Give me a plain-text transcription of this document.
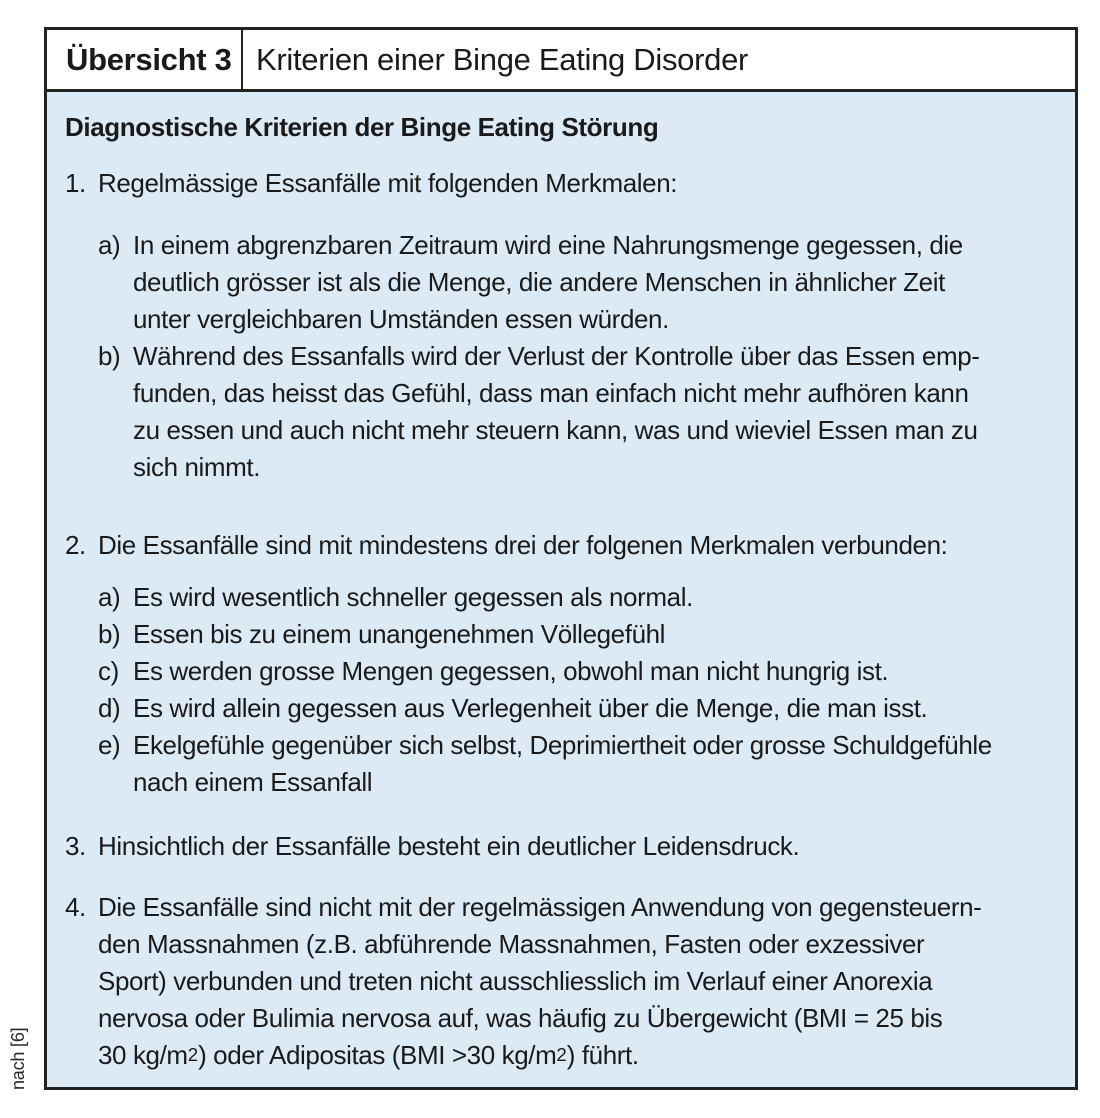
nach [6]
Übersicht 3 Kriterien einer Binge Eating Disorder
Diagnostische Kriterien der Binge Eating Störung
1. Regelmässige Essanfälle mit folgenden Merkmalen:
a) In einem abgrenzbaren Zeitraum wird eine Nahrungsmenge gegessen, die
deutlich grösser ist als die Menge, die andere Menschen in ähnlicher Zeit
unter vergleichbaren Umständen essen würden.
b) Während des Essanfalls wird der Verlust der Kontrolle über das Essen emp-
funden, das heisst das Gefühl, dass man einfach nicht mehr aufhören kann
zu essen und auch nicht mehr steuern kann, was und wieviel Essen man zu
sich nimmt.
2. Die Essanfälle sind mit mindestens drei der folgenen Merkmalen verbunden:
a) Es wird wesentlich schneller gegessen als normal.
b) Essen bis zu einem unangenehmen Völlegefühl
c) Es werden grosse Mengen gegessen, obwohl man nicht hungrig ist.
d) Es wird allein gegessen aus Verlegenheit über die Menge, die man isst.
e) Ekelgefühle gegenüber sich selbst, Deprimiertheit oder grosse Schuldgefühle
nach einem Essanfall
3. Hinsichtlich der Essanfälle besteht ein deutlicher Leidensdruck.
4. Die Essanfälle sind nicht mit der regelmässigen Anwendung von gegensteuern-
den Massnahmen (z.B. abführende Massnahmen, Fasten oder exzessiver
Sport) verbunden und treten nicht ausschliesslich im Verlauf einer Anorexia
nervosa oder Bulimia nervosa auf, was häufig zu Übergewicht (BMI = 25 bis
30 kg/m2) oder Adipositas (BMI >30 kg/m2) führt.
